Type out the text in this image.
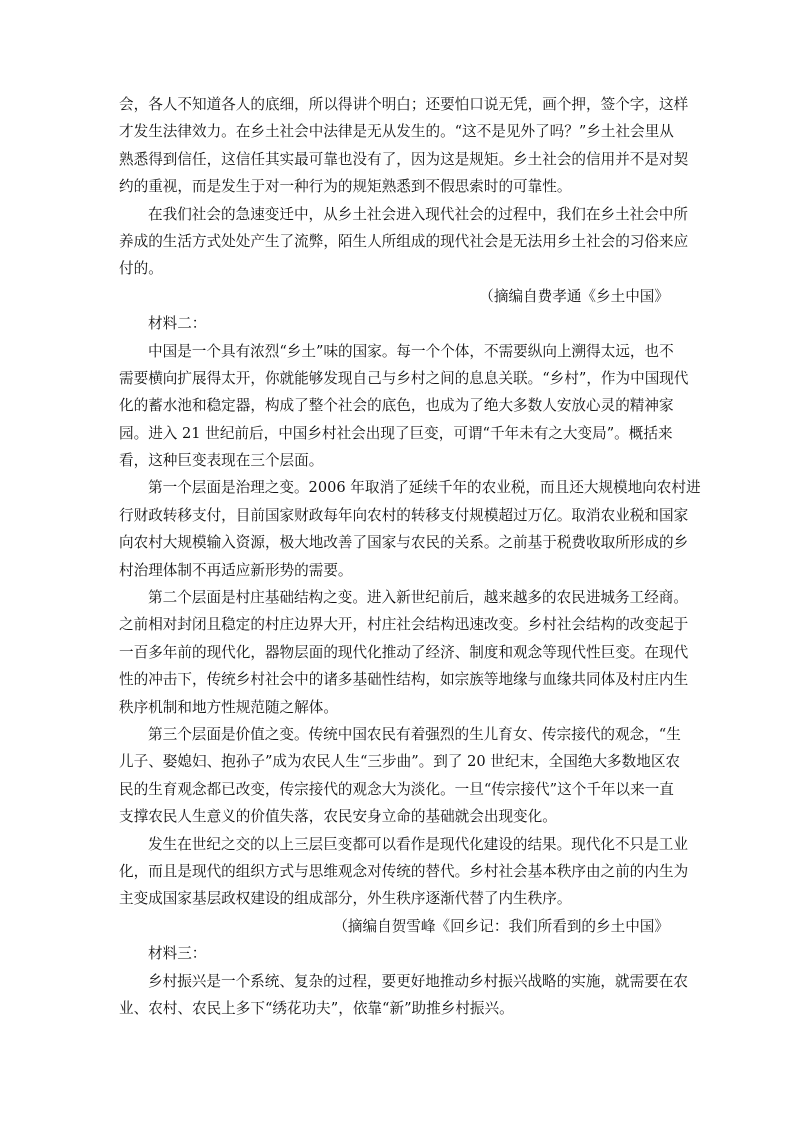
会，各人不知道各人的底细，所以得讲个明白；还要怕口说无凭，画个押，签个字，这样
才发生法律效力。在乡土社会中法律是无从发生的。“这不是见外了吗？”乡土社会里从
熟悉得到信任，这信任其实最可靠也没有了，因为这是规矩。乡土社会的信用并不是对契
约的重视，而是发生于对一种行为的规矩熟悉到不假思索时的可靠性。
在我们社会的急速变迁中，从乡土社会进入现代社会的过程中，我们在乡土社会中所
养成的生活方式处处产生了流弊，陌生人所组成的现代社会是无法用乡土社会的习俗来应
付的。
（摘编自费孝通《乡土中国》
材料二：
中国是一个具有浓烈“乡土”味的国家。每一个个体，不需要纵向上溯得太远，也不
需要横向扩展得太开，你就能够发现自己与乡村之间的息息关联。“乡村”，作为中国现代
化的蓄水池和稳定器，构成了整个社会的底色，也成为了绝大多数人安放心灵的精神家
园。进入 21 世纪前后，中国乡村社会出现了巨变，可谓“千年未有之大变局”。概括来
看，这种巨变表现在三个层面。
第一个层面是治理之变。2006 年取消了延续千年的农业税，而且还大规模地向农村进
行财政转移支付，目前国家财政每年向农村的转移支付规模超过万亿。取消农业税和国家
向农村大规模输入资源，极大地改善了国家与农民的关系。之前基于税费收取所形成的乡
村治理体制不再适应新形势的需要。
第二个层面是村庄基础结构之变。进入新世纪前后，越来越多的农民进城务工经商。
之前相对封闭且稳定的村庄边界大开，村庄社会结构迅速改变。乡村社会结构的改变起于
一百多年前的现代化，器物层面的现代化推动了经济、制度和观念等现代性巨变。在现代
性的冲击下，传统乡村社会中的诸多基础性结构，如宗族等地缘与血缘共同体及村庄内生
秩序机制和地方性规范随之解体。
第三个层面是价值之变。传统中国农民有着强烈的生儿育女、传宗接代的观念，“生
儿子、娶媳妇、抱孙子”成为农民人生“三步曲”。到了 20 世纪末，全国绝大多数地区农
民的生育观念都已改变，传宗接代的观念大为淡化。一旦“传宗接代”这个千年以来一直
支撑农民人生意义的价值失落，农民安身立命的基础就会出现变化。
发生在世纪之交的以上三层巨变都可以看作是现代化建设的结果。现代化不只是工业
化，而且是现代的组织方式与思维观念对传统的替代。乡村社会基本秩序由之前的内生为
主变成国家基层政权建设的组成部分，外生秩序逐渐代替了内生秩序。
（摘编自贺雪峰《回乡记：我们所看到的乡土中国》
材料三：
乡村振兴是一个系统、复杂的过程，要更好地推动乡村振兴战略的实施，就需要在农
业、农村、农民上多下“绣花功夫”，依靠“新”助推乡村振兴。
